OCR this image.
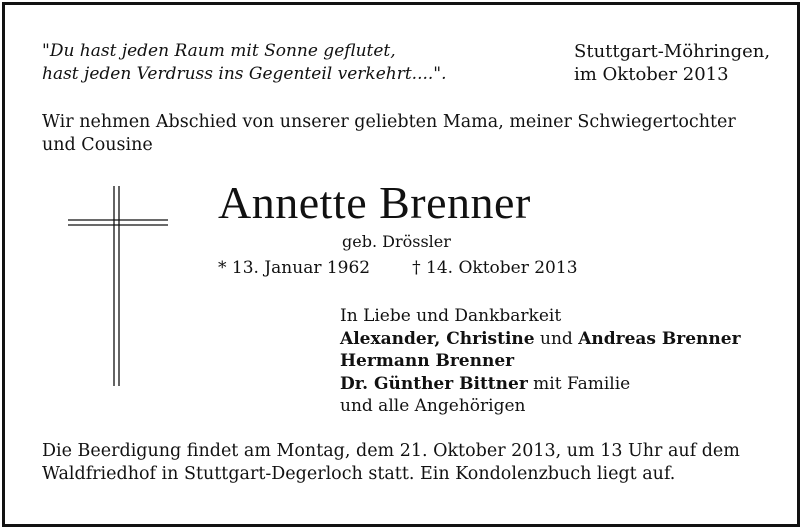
"Du hast jeden Raum mit Sonne geflutet,
hast jeden Verdruss ins Gegenteil verkehrt....".
Stuttgart-Möhringen,
im Oktober 2013
Wir nehmen Abschied von unserer geliebten Mama, meiner Schwiegertochter und Cousine
Annette Brenner
geb. Drössler
* 13. Januar 1962 † 14. Oktober 2013
In Liebe und Dankbarkeit
Alexander, Christine und Andreas Brenner
Hermann Brenner
Dr. Günther Bittner mit Familie
und alle Angehörigen
Die Beerdigung findet am Montag, dem 21. Oktober 2013, um 13 Uhr auf dem Waldfriedhof in Stuttgart-Degerloch statt. Ein Kondolenzbuch liegt auf.
